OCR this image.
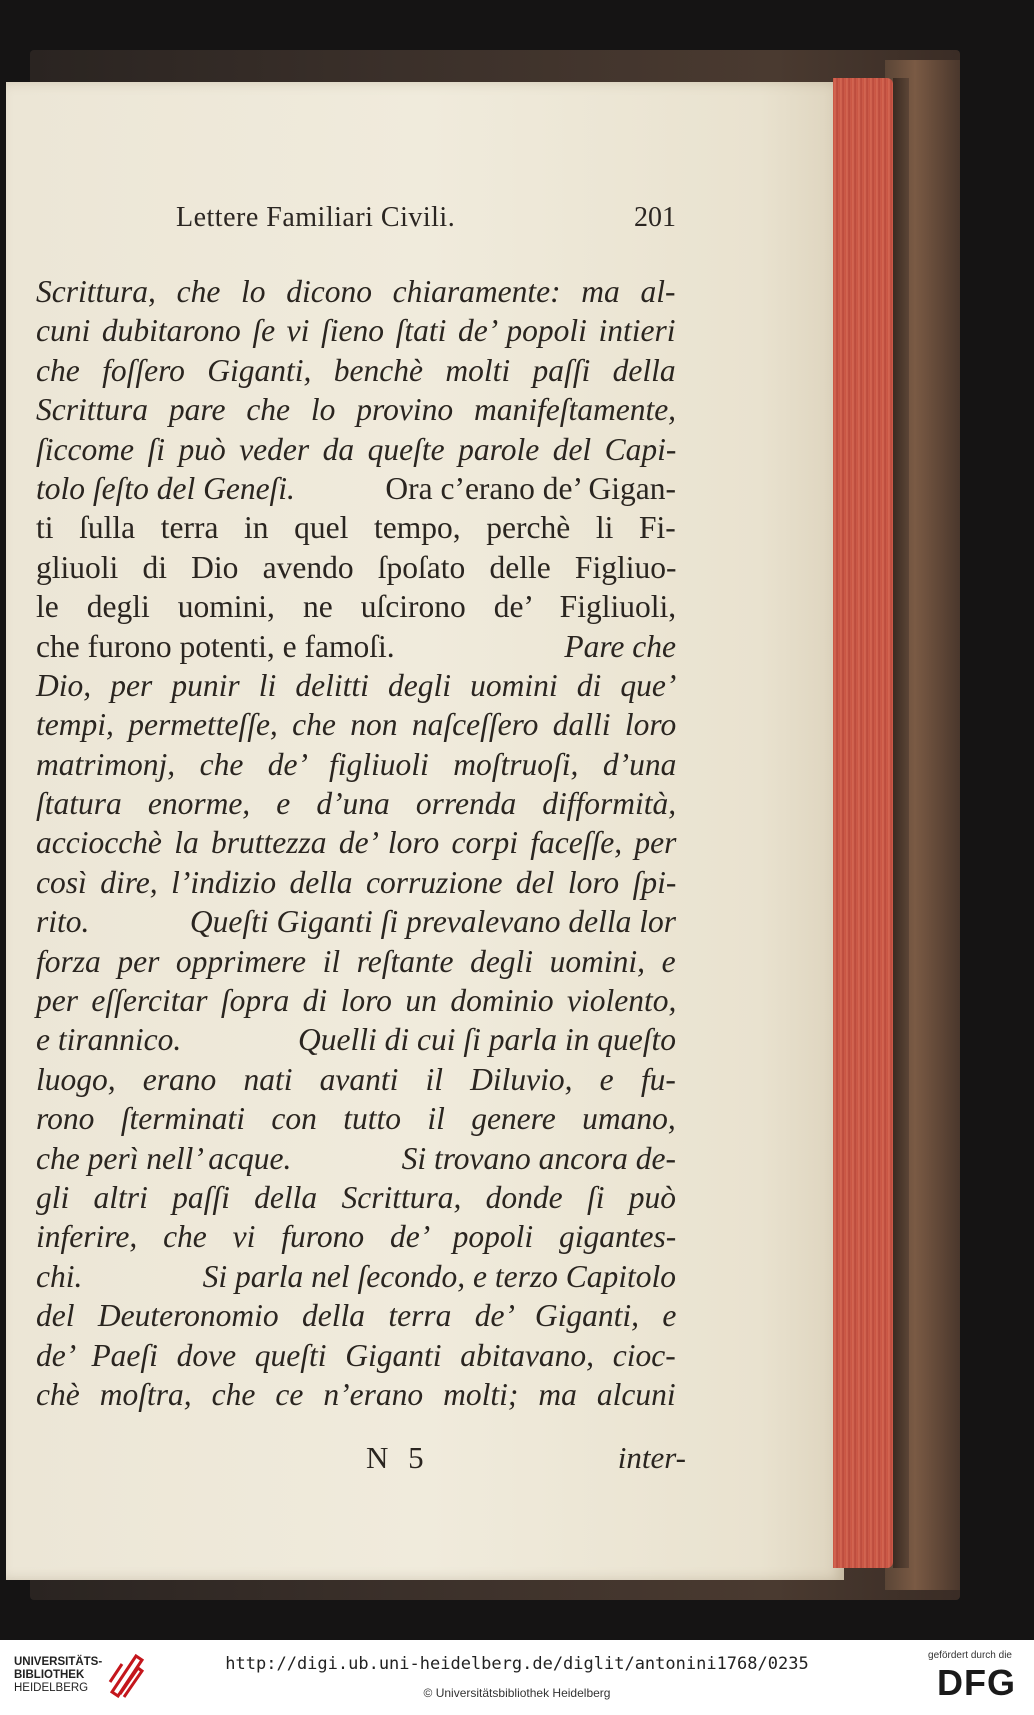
Lettere Familiari Civili.	201
Scrittura, che lo dicono chiaramente: ma al-
cuni dubitarono ſe vi ſieno ſtati de’ popoli intieri
che foſſero Giganti, benchè molti paſſi della
Scrittura pare che lo provino manifeſtamente,
ſiccome ſi può veder da queſte parole del Capi-
tolo ſeſto del Geneſi.	Ora c’erano de’ Gigan-
ti ſulla terra in quel tempo, perchè li Fi-
gliuoli di Dio avendo ſpoſato delle Figliuo-
le degli uomini, ne uſcirono de’ Figliuoli,
che furono potenti, e famoſi.	Pare che
Dio, per punir li delitti degli uomini di que’
tempi, permetteſſe, che non naſceſſero dalli loro
matrimonj, che de’ figliuoli moſtruoſi, d’una
ſtatura enorme, e d’una orrenda difformità,
acciocchè la bruttezza de’ loro corpi faceſſe, per
così dire, l’indizio della corruzione del loro ſpi-
rito.	Queſti Giganti ſi prevalevano della lor
forza per opprimere il reſtante degli uomini, e
per eſſercitar ſopra di loro un dominio violento,
e tirannico.	Quelli di cui ſi parla in queſto
luogo, erano nati avanti il Diluvio, e fu-
rono ſterminati con tutto il genere umano,
che perì nell’ acque.	Si trovano ancora de-
gli altri paſſi della Scrittura, donde ſi può
inferire, che vi furono de’ popoli gigantes-
chi.	Si parla nel ſecondo, e terzo Capitolo
del Deuteronomio della terra de’ Giganti, e
de’ Paeſi dove queſti Giganti abitavano, cioc-
chè moſtra, che ce n’erano molti; ma alcuni
N 5	inter-
UNIVERSITÄTS-
BIBLIOTHEK
HEIDELBERG
http://digi.ub.uni-heidelberg.de/diglit/antonini1768/0235
© Universitätsbibliothek Heidelberg
gefördert durch die
DFG
